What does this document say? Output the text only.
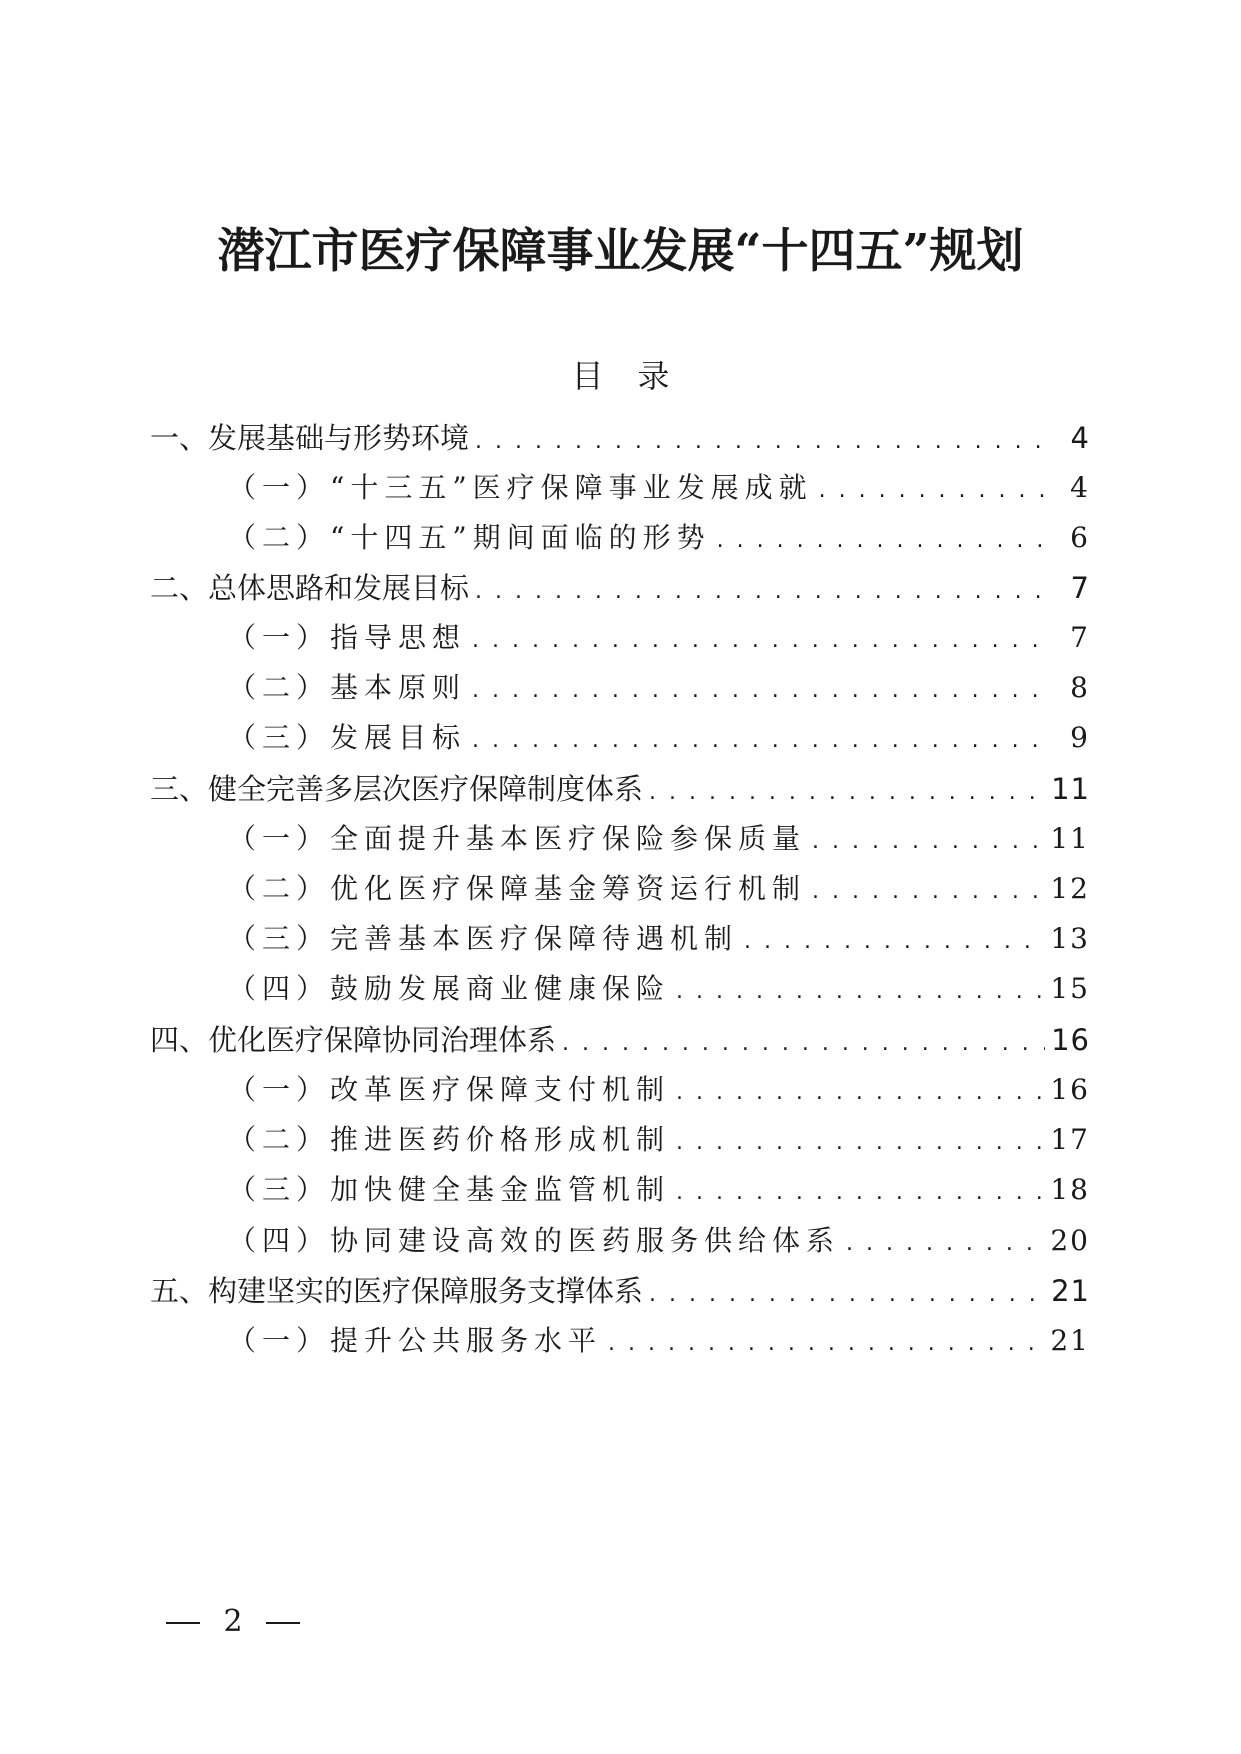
潜江市医疗保障事业发展“十四五”规划
目录
一、发展基础与形势环境 . . .	4
（一）“十三五”医疗保障事业发展成就 . . .	4
（二）“十四五”期间面临的形势 . . .	6
二、总体思路和发展目标 . . .	7
（一）指导思想 . . .	7
（二）基本原则 . . .	8
（三）发展目标 . . .	9
三、健全完善多层次医疗保障制度体系 . . .	11
（一）全面提升基本医疗保险参保质量 . . .	11
（二）优化医疗保障基金筹资运行机制 . . .	12
（三）完善基本医疗保障待遇机制 . . .	13
（四）鼓励发展商业健康保险 . . .	15
四、优化医疗保障协同治理体系 . . .	16
（一）改革医疗保障支付机制 . . .	16
（二）推进医药价格形成机制 . . .	17
（三）加快健全基金监管机制 . . .	18
（四）协同建设高效的医药服务供给体系 . . .	20
五、构建坚实的医疗保障服务支撑体系 . . .	21
（一）提升公共服务水平 . . .	21
2
